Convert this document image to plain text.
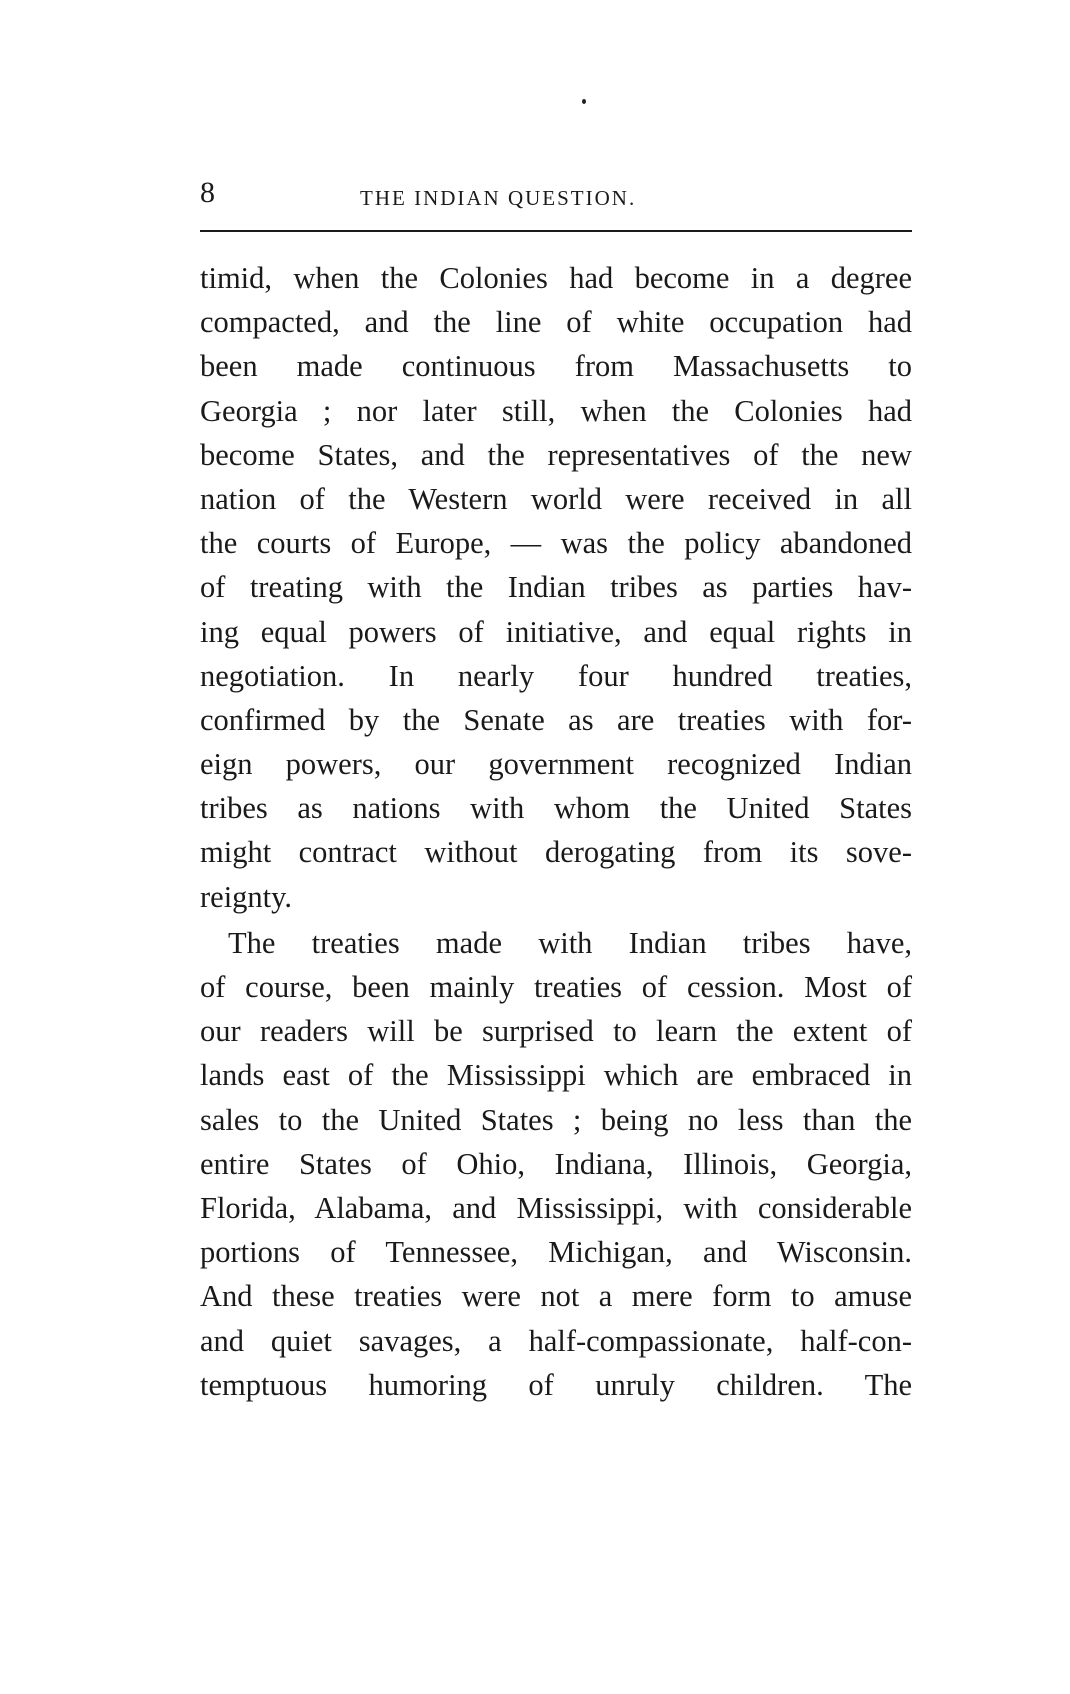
8	THE INDIAN QUESTION.
timid, when the Colonies had become in a degree
compacted, and the line of white occupation had
been made continuous from Massachusetts to
Georgia ; nor later still, when the Colonies had
become States, and the representatives of the new
nation of the Western world were received in all
the courts of Europe, — was the policy abandoned
of treating with the Indian tribes as parties hav-
ing equal powers of initiative, and equal rights in
negotiation. In nearly four hundred treaties,
confirmed by the Senate as are treaties with for-
eign powers, our government recognized Indian
tribes as nations with whom the United States
might contract without derogating from its sove-
reignty.
The treaties made with Indian tribes have,
of course, been mainly treaties of cession. Most of
our readers will be surprised to learn the extent of
lands east of the Mississippi which are embraced in
sales to the United States ; being no less than the
entire States of Ohio, Indiana, Illinois, Georgia,
Florida, Alabama, and Mississippi, with considerable
portions of Tennessee, Michigan, and Wisconsin.
And these treaties were not a mere form to amuse
and quiet savages, a half-compassionate, half-con-
temptuous humoring of unruly children. The
